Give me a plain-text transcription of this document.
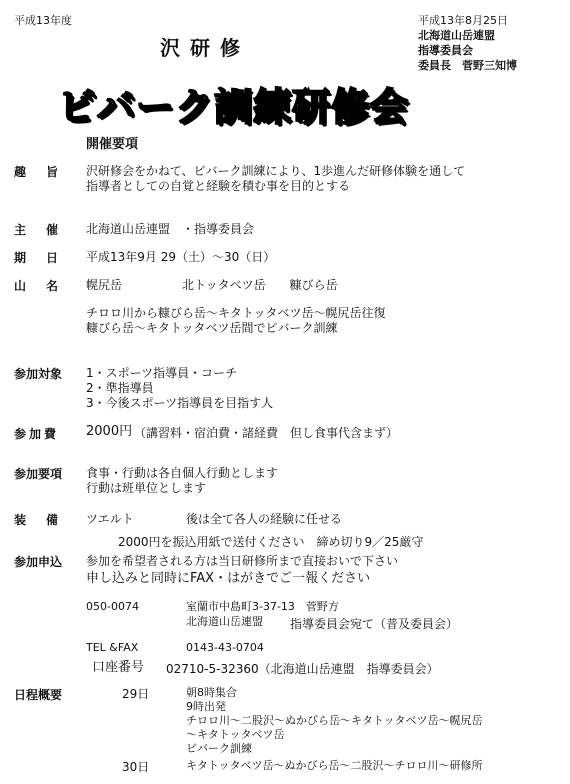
平成13年度	平成13年8月25日
北海道山岳連盟
指導委員会
委員長　菅野三知博
沢研修
ビバーク訓練研修会
開催要項
趣旨 沢研修会をかねて、ビバーク訓練により、1歩進んだ研修体験を通して
指導者としての自覚と経験を積む事を目的とする
主催 北海道山岳連盟　・指導委員会
期日 平成13年9月 29（土）～30（日）
山名 幌尻岳　　　　　北トッタベツ岳　　糠びら岳
チロロ川から糠びら岳～キタトッタベツ岳～幌尻岳往復
糠びら岳～キタトッタベツ岳間でビバーク訓練
参加対象 1・スポーツ指導員・コーチ
2・準指導員
3・今後スポーツ指導員を目指す人
参加費 2000円 （講習料・宿泊費・諸経費　但し食事代含まず）
参加要項 食事・行動は各自個人行動とします
行動は班単位とします
装備 ツエルト	後は全て各人の経験に任せる
2000円を振込用紙で送付ください　締め切り9／25厳守
参加申込 参加を希望者される方は当日研修所まで直接おいで下さい
申し込みと同時にFAX・はがきでご一報ください
050-0074	室蘭市中島町3-37-13　菅野方
北海道山岳連盟 指導委員会宛て（普及委員会）
TEL &FAX	0143-43-0704
口座番号 02710-5-32360（北海道山岳連盟　指導委員会）
日程概要	29日	朝8時集合
9時出発
チロロ川～二股沢～ぬかびら岳～キタトッタベツ岳～幌尻岳
～キタトッタベツ岳
ビバーク訓練
30日	キタトッタベツ岳～ぬかびら岳～二股沢～チロロ川～研修所
